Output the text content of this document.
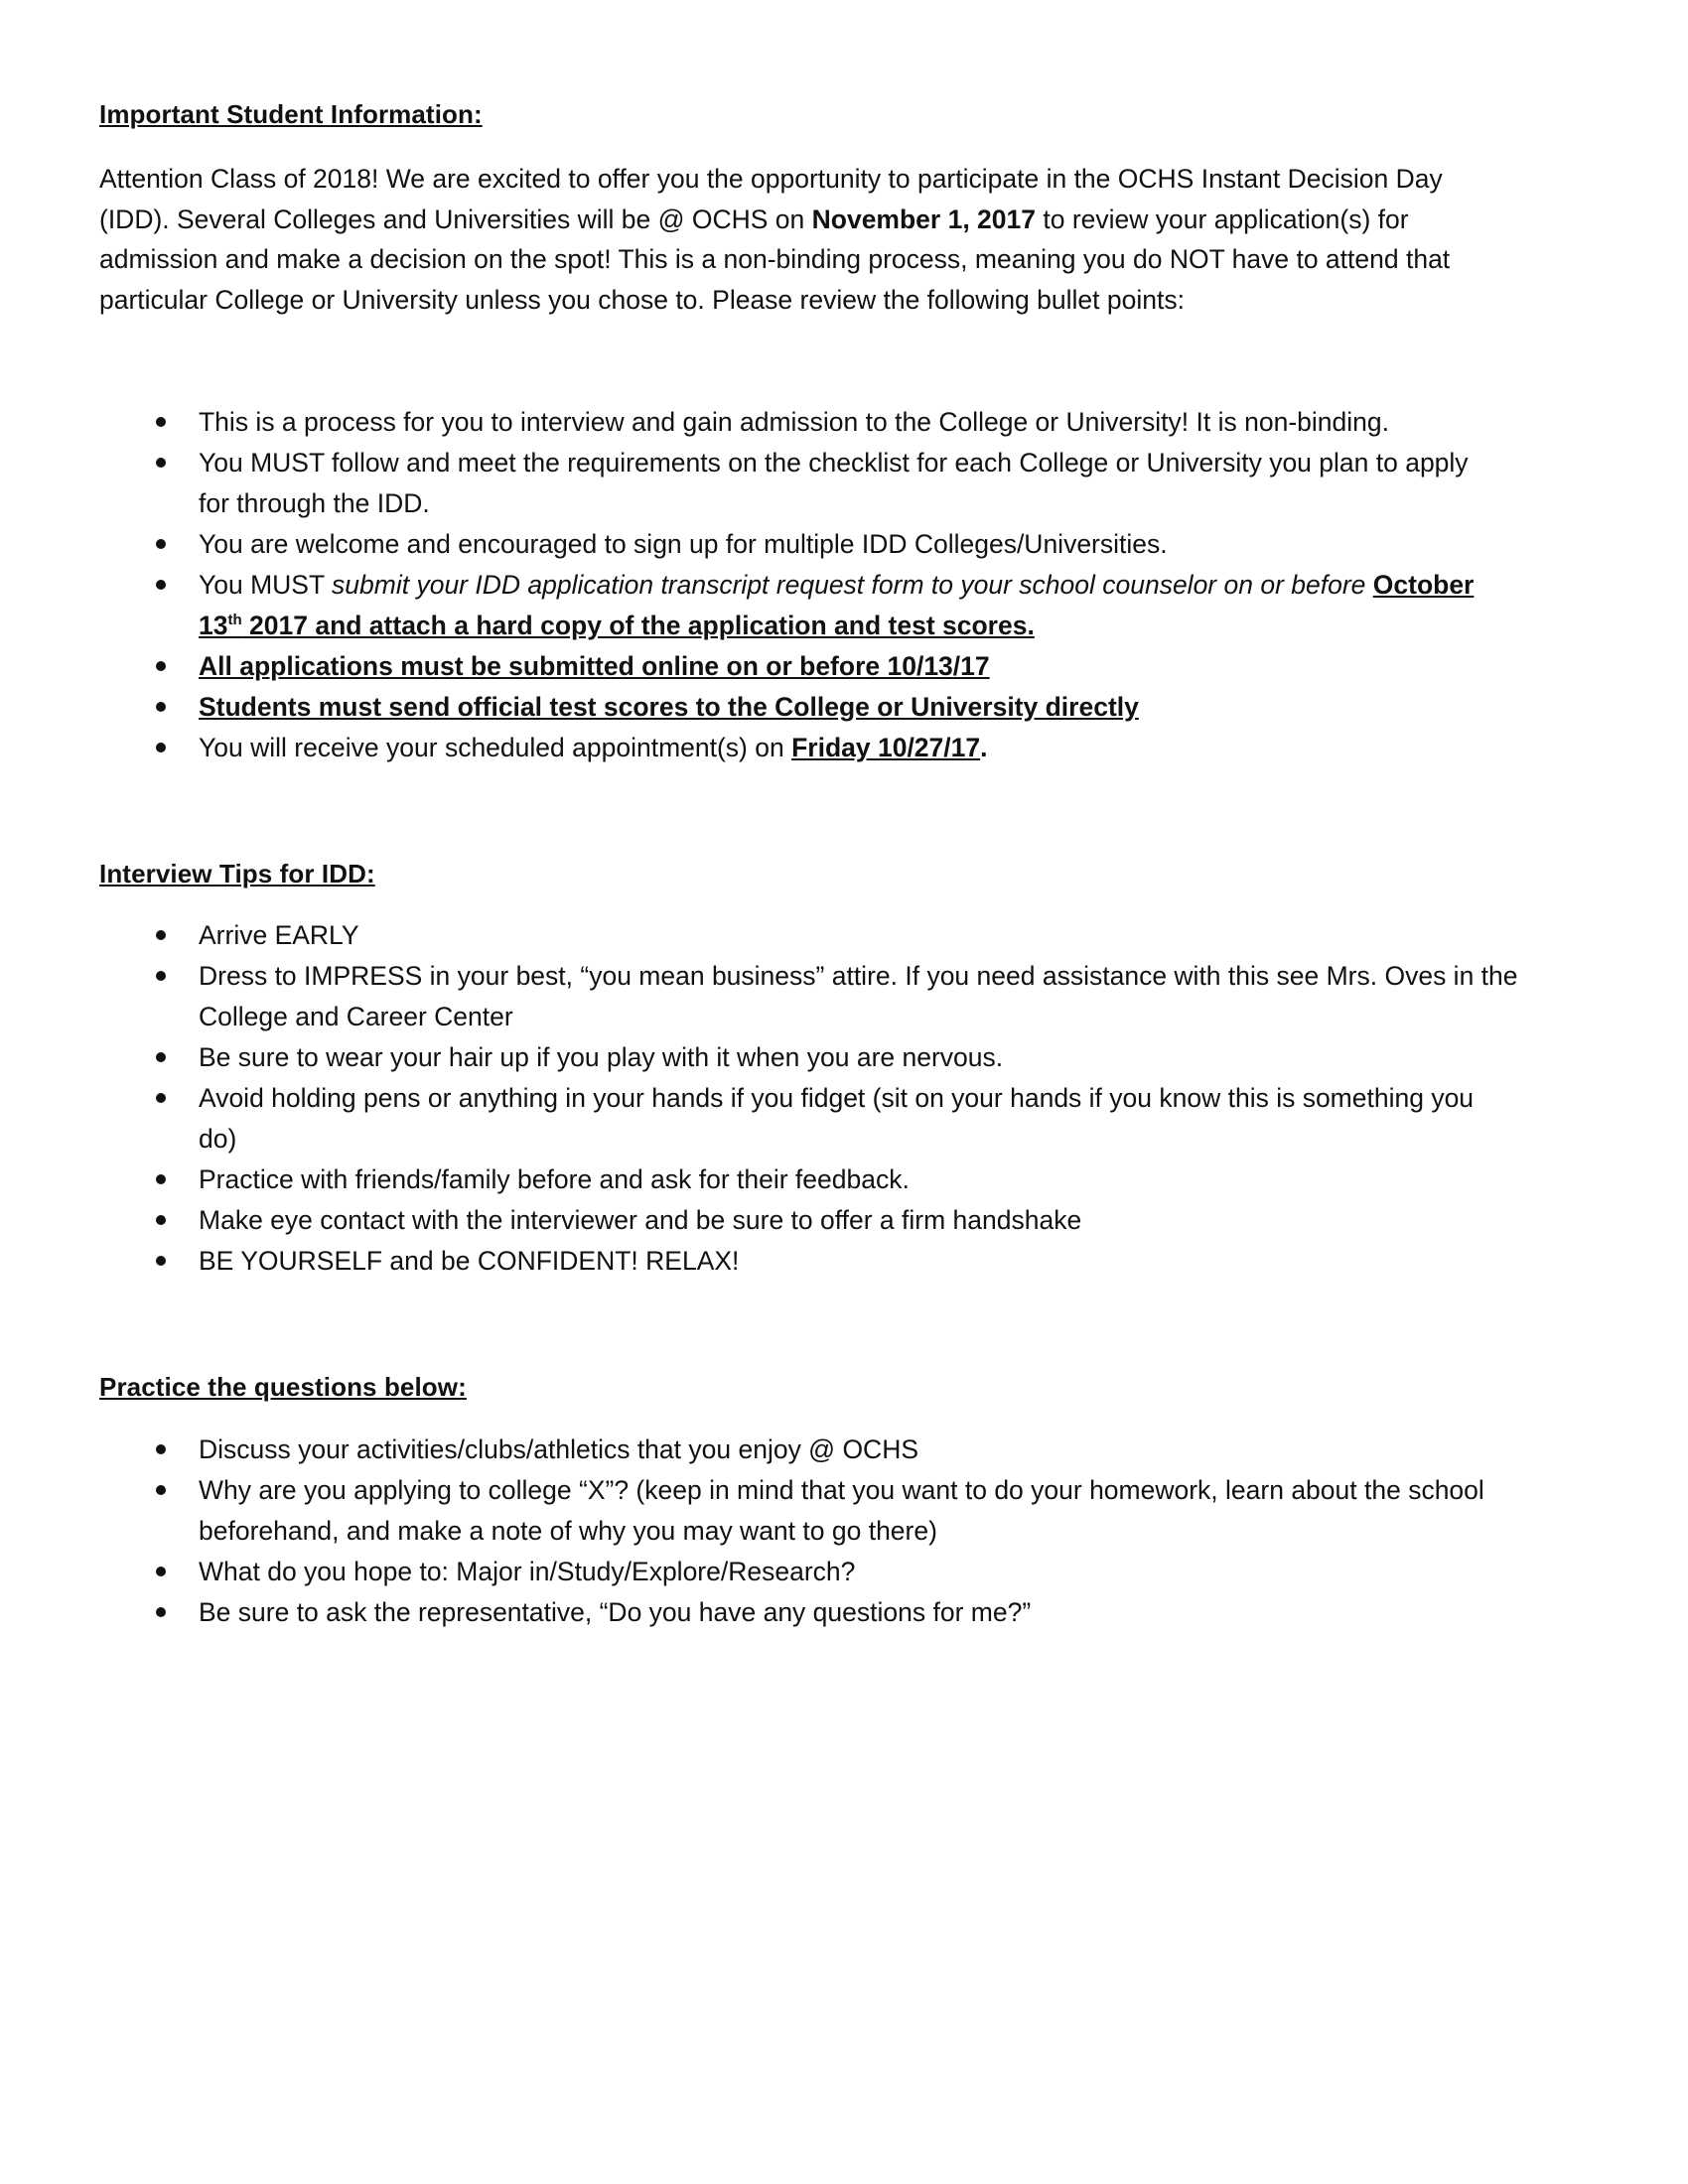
Important Student Information:

Attention Class of 2018! We are excited to offer you the opportunity to participate in the OCHS Instant Decision Day
(IDD). Several Colleges and Universities will be @ OCHS on November 1, 2017 to review your application(s) for
admission and make a decision on the spot! This is a non-binding process, meaning you do NOT have to attend that
particular College or University unless you chose to. Please review the following bullet points:

This is a process for you to interview and gain admission to the College or University! It is non-binding.
You MUST follow and meet the requirements on the checklist for each College or University you plan to apply
for through the IDD.
You are welcome and encouraged to sign up for multiple IDD Colleges/Universities.
You MUST submit your IDD application transcript request form to your school counselor on or before October
13th 2017 and attach a hard copy of the application and test scores.
All applications must be submitted online on or before 10/13/17
Students must send official test scores to the College or University directly
You will receive your scheduled appointment(s) on Friday 10/27/17.
Interview Tips for IDD:
Arrive EARLY
Dress to IMPRESS in your best, “you mean business” attire. If you need assistance with this see Mrs. Oves in the
College and Career Center
Be sure to wear your hair up if you play with it when you are nervous.
Avoid holding pens or anything in your hands if you fidget (sit on your hands if you know this is something you
do)
Practice with friends/family before and ask for their feedback.
Make eye contact with the interviewer and be sure to offer a firm handshake
BE YOURSELF and be CONFIDENT! RELAX!
Practice the questions below:
Discuss your activities/clubs/athletics that you enjoy @ OCHS
Why are you applying to college “X”? (keep in mind that you want to do your homework, learn about the school
beforehand, and make a note of why you may want to go there)
What do you hope to: Major in/Study/Explore/Research?
Be sure to ask the representative, “Do you have any questions for me?”
